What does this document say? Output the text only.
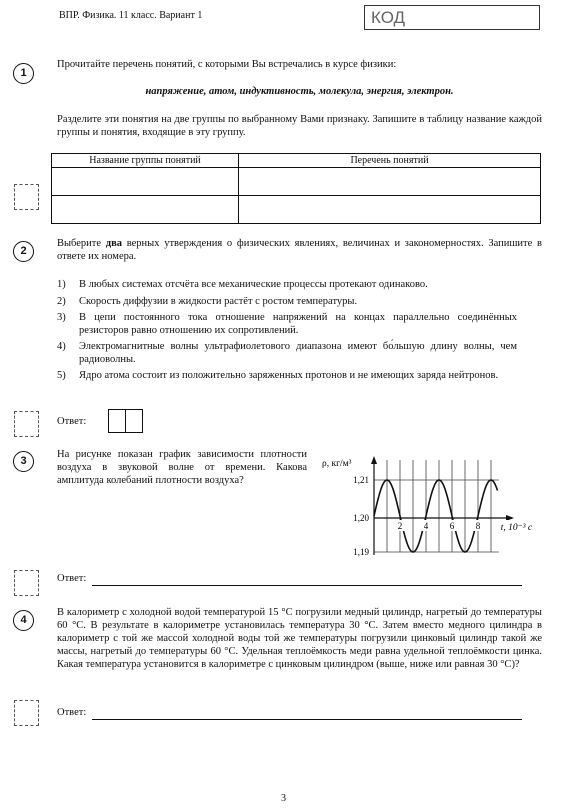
ВПР. Физика. 11 класс. Вариант 1	КОД
1
Прочитайте перечень понятий, с которыми Вы встречались в курсе физики:
напряжение, атом, индуктивность, молекула, энергия, электрон.
Разделите эти понятия на две группы по выбранному Вами признаку. Запишите в таблицу название каждой группы и понятия, входящие в эту группу.
Название группы понятий	Перечень понятий

2
Выберите два верных утверждения о физических явлениях, величинах и закономерностях. Запишите в ответе их номера.
1)	В любых системах отсчёта все механические процессы протекают одинаково.
2)	Скорость диффузии в жидкости растёт с ростом температуры.
3)	В цепи постоянного тока отношение напряжений на концах параллельно соединённых резисторов равно отношению их сопротивлений.
4)	Электромагнитные волны ультрафиолетового диапазона имеют бо́льшую длину волны, чем радиоволны.
5)	Ядро атома состоит из положительно заряженных протонов и не имеющих заряда нейтронов.
Ответ:
3
На рисунке показан график зависимости плотности воздуха в звуковой волне от времени. Какова амплитуда колебаний плотности воздуха?
ρ, кг/м³
1,21
1,20
1,19
2 4 6 8 t, 10⁻³ с
Ответ:
4
В калориметр с холодной водой температурой 15 °С погрузили медный цилиндр, нагретый до температуры 60 °С. В результате в калориметре установилась температура 30 °С. Затем вместо медного цилиндра в калориметр с той же массой холодной воды той же температуры погрузили цинковый цилиндр такой же массы, нагретый до температуры 60 °С. Удельная теплоёмкость меди равна удельной теплоёмкости цинка. Какая температура установится в калориметре с цинковым цилиндром (выше, ниже или равная 30 °С)?
Ответ:
3
